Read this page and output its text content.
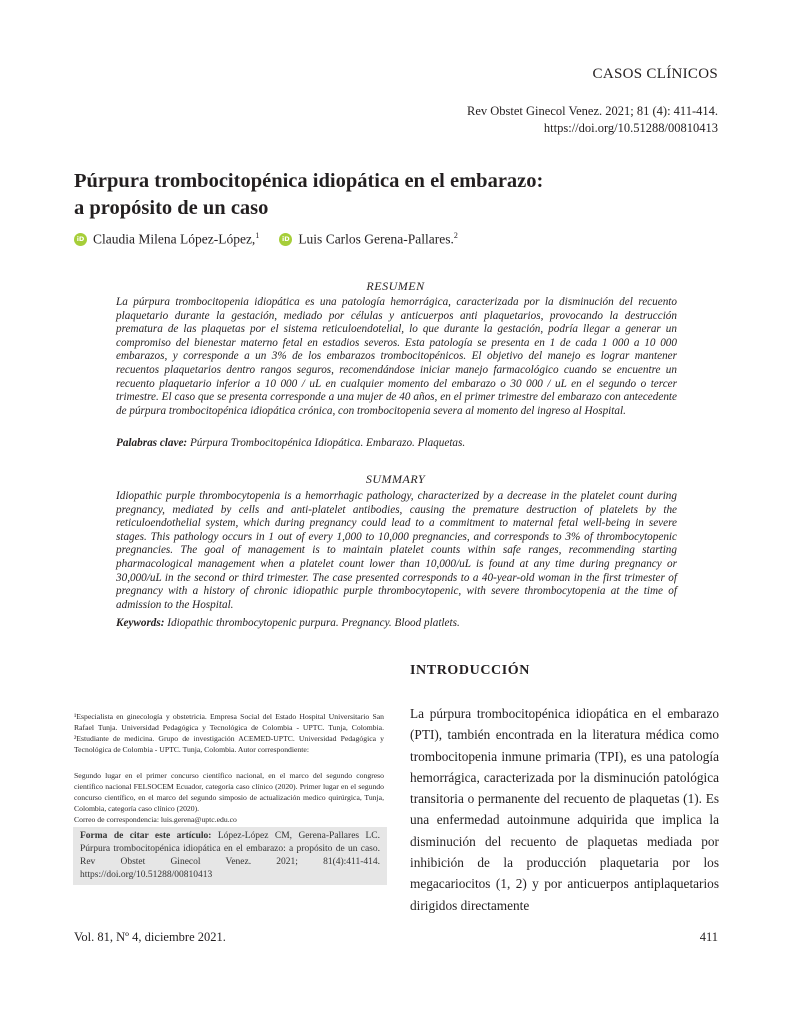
CASOS CLÍNICOS
Rev Obstet Ginecol Venez. 2021; 81 (4): 411-414.
https://doi.org/10.51288/00810413
Púrpura trombocitopénica idiopática en el embarazo:
a propósito de un caso
iD Claudia Milena López-López,$^1$	iD Luis Carlos Gerena-Pallares.$^2$
RESUMEN
La púrpura trombocitopenia idiopática es una patología hemorrágica, caracterizada por la disminución del recuento plaquetario durante la gestación, mediado por células y anticuerpos anti plaquetarios, provocando la destrucción prematura de las plaquetas por el sistema reticuloendotelial, lo que durante la gestación, podría llegar a generar un compromiso del bienestar materno fetal en estadios severos. Esta patología se presenta en 1 de cada 1 000 a 10 000 embarazos, y corresponde a un 3% de los embarazos trombocitopénicos. El objetivo del manejo es lograr mantener recuentos plaquetarios dentro rangos seguros, recomendándose iniciar manejo farmacológico cuando se encuentre un recuento plaquetario inferior a 10 000 / uL en cualquier momento del embarazo o 30 000 / uL en el segundo o tercer trimestre. El caso que se presenta corresponde a una mujer de 40 años, en el primer trimestre del embarazo con antecedente de púrpura trombocitopénica idiopática crónica, con trombocitopenia severa al momento del ingreso al Hospital.
Palabras clave: Púrpura Trombocitopénica Idiopática. Embarazo. Plaquetas.
SUMMARY
Idiopathic purple thrombocytopenia is a hemorrhagic pathology, characterized by a decrease in the platelet count during pregnancy, mediated by cells and anti-platelet antibodies, causing the premature destruction of platelets by the reticuloendothelial system, which during pregnancy could lead to a commitment to maternal fetal well-being in severe stages. This pathology occurs in 1 out of every 1,000 to 10,000 pregnancies, and corresponds to 3% of thrombocytopenic pregnancies. The goal of management is to maintain platelet counts within safe ranges, recommending starting pharmacological management when a platelet count lower than 10,000/uL is found at any time during pregnancy or 30,000/uL in the second or third trimester. The case presented corresponds to a 40-year-old woman in the first trimester of pregnancy with a history of chronic idiopathic purple thrombocytopenic, with severe thrombocytopenia at the time of admission to the Hospital.
Keywords: Idiopathic thrombocytopenic purpura. Pregnancy. Blood platlets.
INTRODUCCIÓN
La púrpura trombocitopénica idiopática en el embarazo (PTI), también encontrada en la literatura médica como trombocitopenia inmune primaria (TPI), es una patología hemorrágica, caracterizada por la disminución patológica transitoria o permanente del recuento de plaquetas (1). Es una enfermedad autoinmune adquirida que implica la disminución del recuento de plaquetas mediada por inhibición de la producción plaquetaria por los megacariocitos (1, 2) y por anticuerpos antiplaquetarios dirigidos directamente
¹Especialista en ginecología y obstetricia. Empresa Social del Estado Hospital Universitario San Rafael Tunja. Universidad Pedagógica y Tecnológica de Colombia - UPTC. Tunja, Colombia. ²Estudiante de medicina. Grupo de investigación ACEMED-UPTC. Universidad Pedagógica y Tecnológica de Colombia - UPTC. Tunja, Colombia. Autor correspondiente:
Segundo lugar en el primer concurso científico nacional, en el marco del segundo congreso científico nacional FELSOCEM Ecuador, categoría caso clínico (2020). Primer lugar en el segundo concurso científico, en el marco del segundo simposio de actualización medico quirúrgica, Tunja, Colombia, categoría caso clínico (2020).
Correo de correspondencia: luis.gerena@uptc.edu.co
Forma de citar este artículo: López-López CM, Gerena-Pallares LC. Púrpura trombocitopénica idiopática en el embarazo: a propósito de un caso. Rev Obstet Ginecol Venez. 2021; 81(4):411-414. https://doi.org/10.51288/00810413
Vol. 81, Nº 4, diciembre 2021.	411
